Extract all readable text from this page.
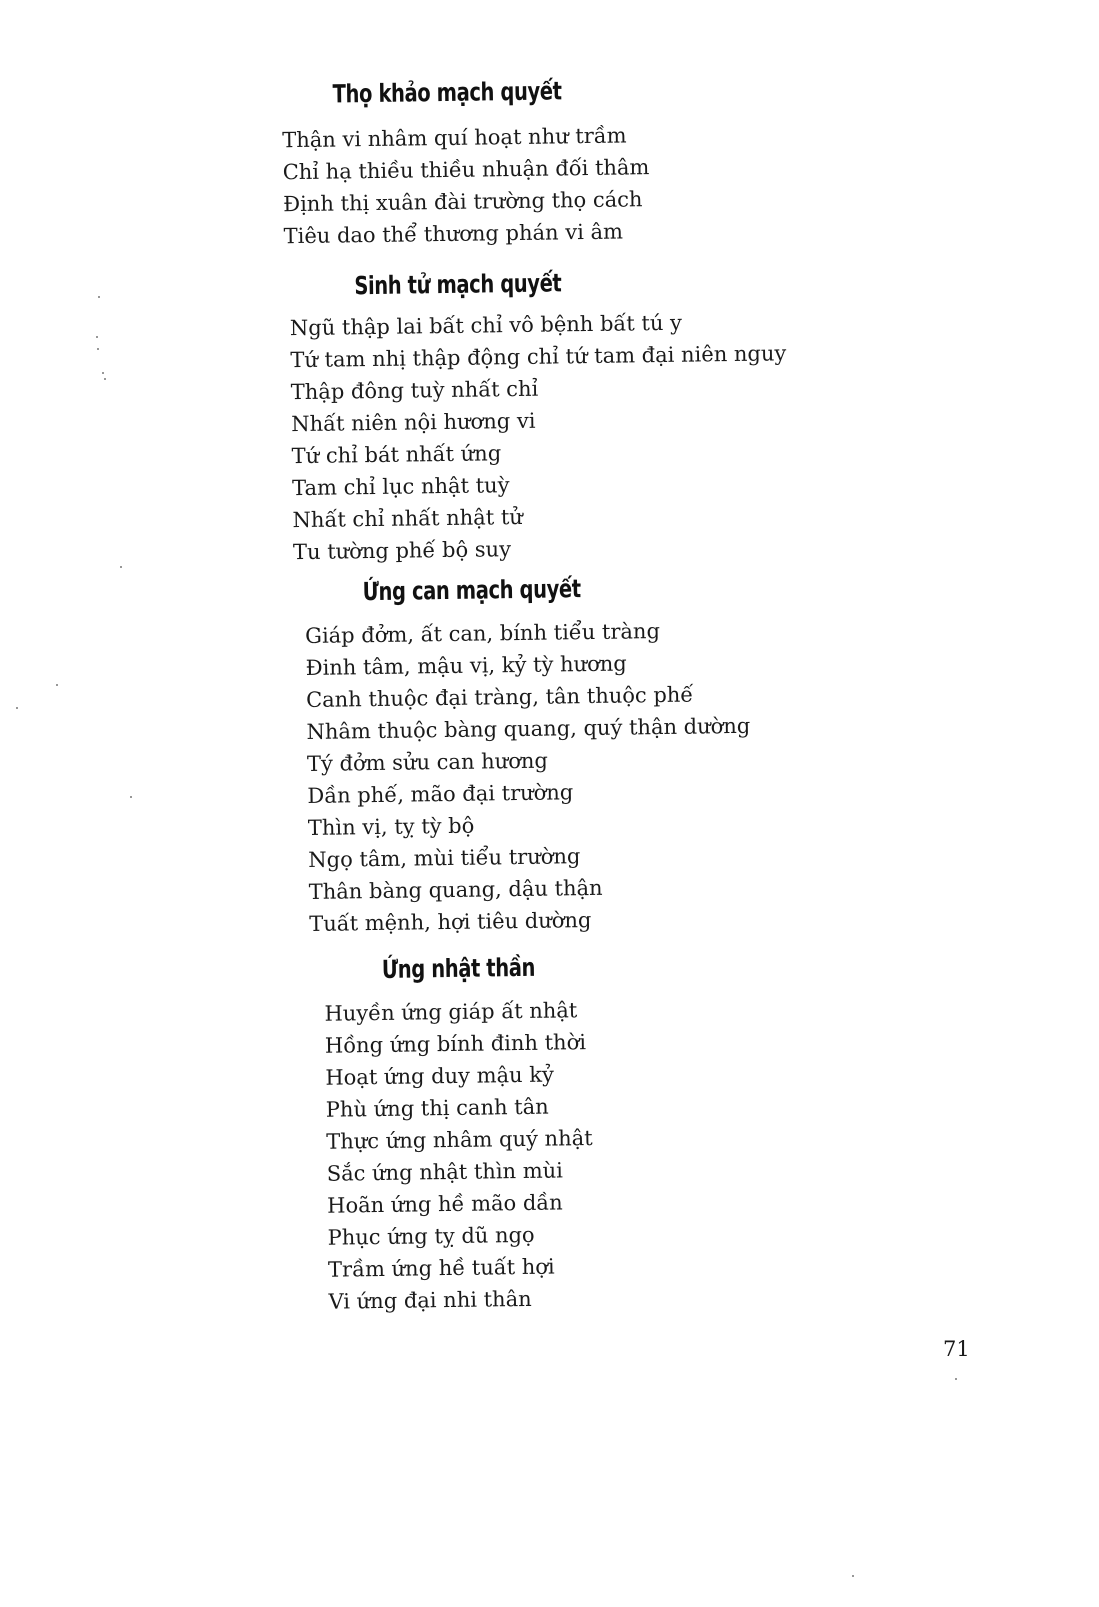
Thọ khảo mạch quyết
Thận vi nhâm quí hoạt như trầm
Chỉ hạ thiều thiều nhuận đối thâm
Định thị xuân đài trường thọ cách
Tiêu dao thể thương phán vi âm
Sinh tử mạch quyết
Ngũ thập lai bất chỉ vô bệnh bất tú y
Tứ tam nhị thập động chỉ tứ tam đại niên nguy
Thập đông tuỳ nhất chỉ
Nhất niên nội hương vi
Tứ chỉ bát nhất ứng
Tam chỉ lục nhật tuỳ
Nhất chỉ nhất nhật tử
Tu tường phế bộ suy
Ứng can mạch quyết
Giáp đởm, ất can, bính tiểu tràng
Đinh tâm, mậu vị, kỷ tỳ hương
Canh thuộc đại tràng, tân thuộc phế
Nhâm thuộc bàng quang, quý thận dường
Tý đởm sửu can hương
Dần phế, mão đại trường
Thìn vị, tỵ tỳ bộ
Ngọ tâm, mùi tiểu trường
Thân bàng quang, dậu thận
Tuất mệnh, hợi tiêu dường
Ứng nhật thần
Huyền ứng giáp ất nhật
Hồng ứng bính đinh thời
Hoạt ứng duy mậu kỷ
Phù ứng thị canh tân
Thực ứng nhâm quý nhật
Sắc ứng nhật thìn mùi
Hoãn ứng hề mão dần
Phục ứng tỵ dũ ngọ
Trầm ứng hề tuất hợi
Vi ứng đại nhi thân
71
